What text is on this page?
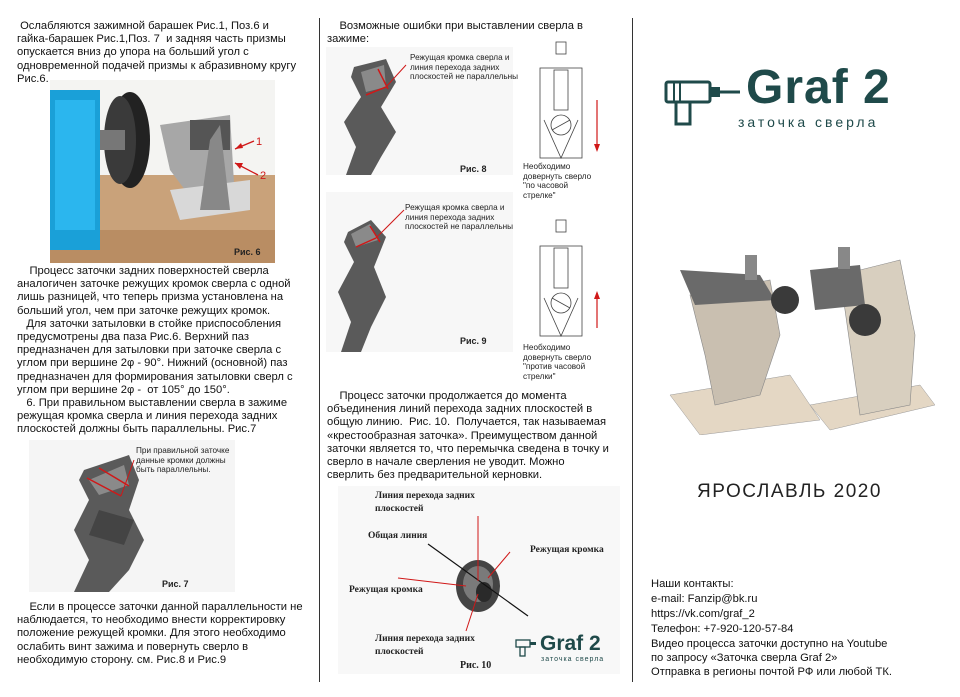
Ослабляются зажимной барашек Рис.1, Поз.6 и
гайка-барашек Рис.1,Поз. 7  и задняя часть призмы
опускается вниз до упора на больший угол с
одновременной подачей призмы к абразивному кругу
Рис.6.
1
2
Рис. 6
Процесс заточки задних поверхностей сверла
аналогичен заточке режущих кромок сверла с одной
лишь разницей, что теперь призма установлена на
больший угол, чем при заточке режущих кромок.
Для заточки затыловки в стойке приспособления
предусмотрены два паза Рис.6. Верхний паз
предназначен для затыловки при заточке сверла с
углом при вершине 2φ - 90°. Нижний (основной) паз
предназначен для формирования затыловки сверл с
углом при вершине 2φ -  от 105° до 150°.
6. При правильном выставлении сверла в зажиме
режущая кромка сверла и линия перехода задних
плоскостей должны быть параллельны. Рис.7
При правильной заточке
данные кромки должны
быть параллельны.
Рис. 7
Если в процессе заточки данной параллельности не
наблюдается, то необходимо внести корректировку
положение режущей кромки. Для этого необходимо
ослабить винт зажима и повернуть сверло в
необходимую сторону. см. Рис.8 и Рис.9
Возможные ошибки при выставлении сверла в
зажиме:
Режущая кромка сверла и
линия перехода задних
плоскостей не параллельны
Рис. 8
Режущая кромка сверла и
линия перехода задних
плоскостей не параллельны
Рис. 9
Необходимо
довернуть сверло
"по часовой
стрелке"
Необходимо
довернуть сверло
"против часовой
стрелки"
Процесс заточки продолжается до момента
объединения линий перехода задних плоскостей в
общую линию.  Рис. 10.  Получается, так называемая
«крестообразная заточка». Преимуществом данной
заточки является то, что перемычка сведена в точку и
сверло в начале сверления не уводит. Можно
сверлить без предварительной керновки.
Линия перехода задних
плоскостей
Общая линия
Режущая кромка
Режущая кромка
Линия перехода задних
плоскостей
Рис. 10
Graf 2
заточка сверла
Graf 2
заточка сверла
ЯРОСЛАВЛЬ 2020
Наши контакты:
e-mail: Fanzip@bk.ru
https://vk.com/graf_2
Телефон: +7-920-120-57-84
Видео процесса заточки доступно на Youtube
по запросу «Заточка сверла Graf 2»
Отправка в регионы почтой РФ или любой ТК.
